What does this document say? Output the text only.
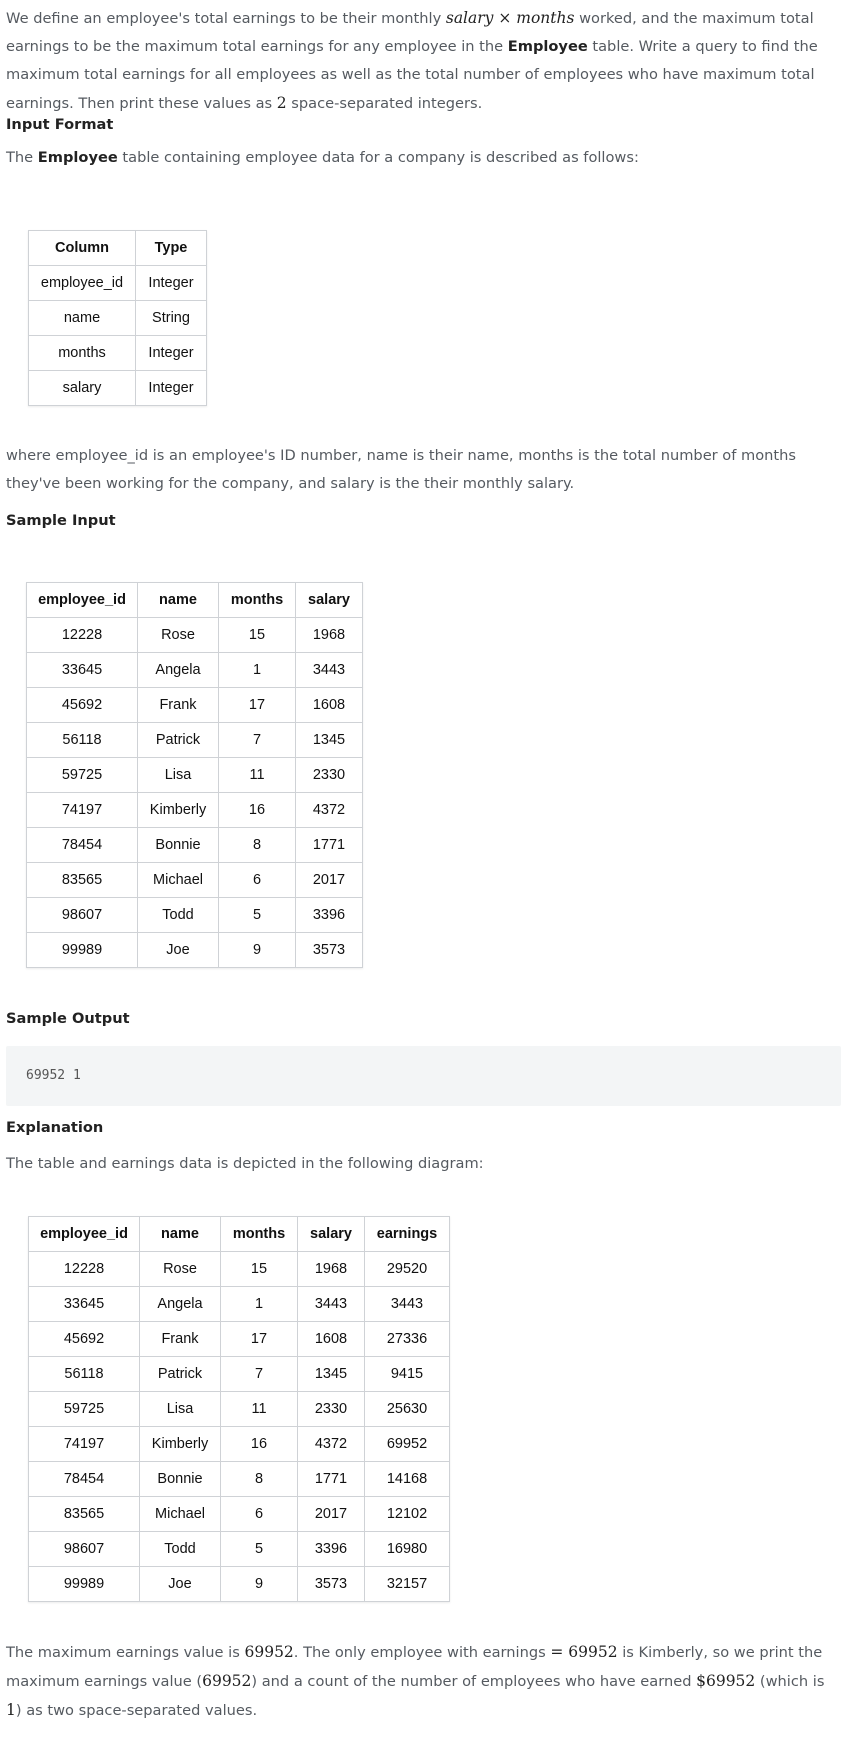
We define an employee's total earnings to be their monthly salary × months worked, and the maximum total earnings to be the maximum total earnings for any employee in the Employee table. Write a query to find the maximum total earnings for all employees as well as the total number of employees who have maximum total earnings. Then print these values as 2 space-separated integers.

Input Format

The Employee table containing employee data for a company is described as follows:

Column	Type
employee_id	Integer
name	String
months	Integer
salary	Integer

where employee_id is an employee's ID number, name is their name, months is the total number of months they've been working for the company, and salary is the their monthly salary.

Sample Input
employee_id	name	months	salary
12228	Rose	15	1968
33645	Angela	1	3443
45692	Frank	17	1608
56118	Patrick	7	1345
59725	Lisa	11	2330
74197	Kimberly	16	4372
78454	Bonnie	8	1771
83565	Michael	6	2017
98607	Todd	5	3396
99989	Joe	9	3573
Sample Output
69952 1
Explanation

The table and earnings data is depicted in the following diagram:

employee_id	name	months	salary	earnings
12228	Rose	15	1968	29520
33645	Angela	1	3443	3443
45692	Frank	17	1608	27336
56118	Patrick	7	1345	9415
59725	Lisa	11	2330	25630
74197	Kimberly	16	4372	69952
78454	Bonnie	8	1771	14168
83565	Michael	6	2017	12102
98607	Todd	5	3396	16980
99989	Joe	9	3573	32157

The maximum earnings value is 69952. The only employee with earnings = 69952 is Kimberly, so we print the maximum earnings value (69952) and a count of the number of employees who have earned $69952 (which is 1) as two space-separated values.
